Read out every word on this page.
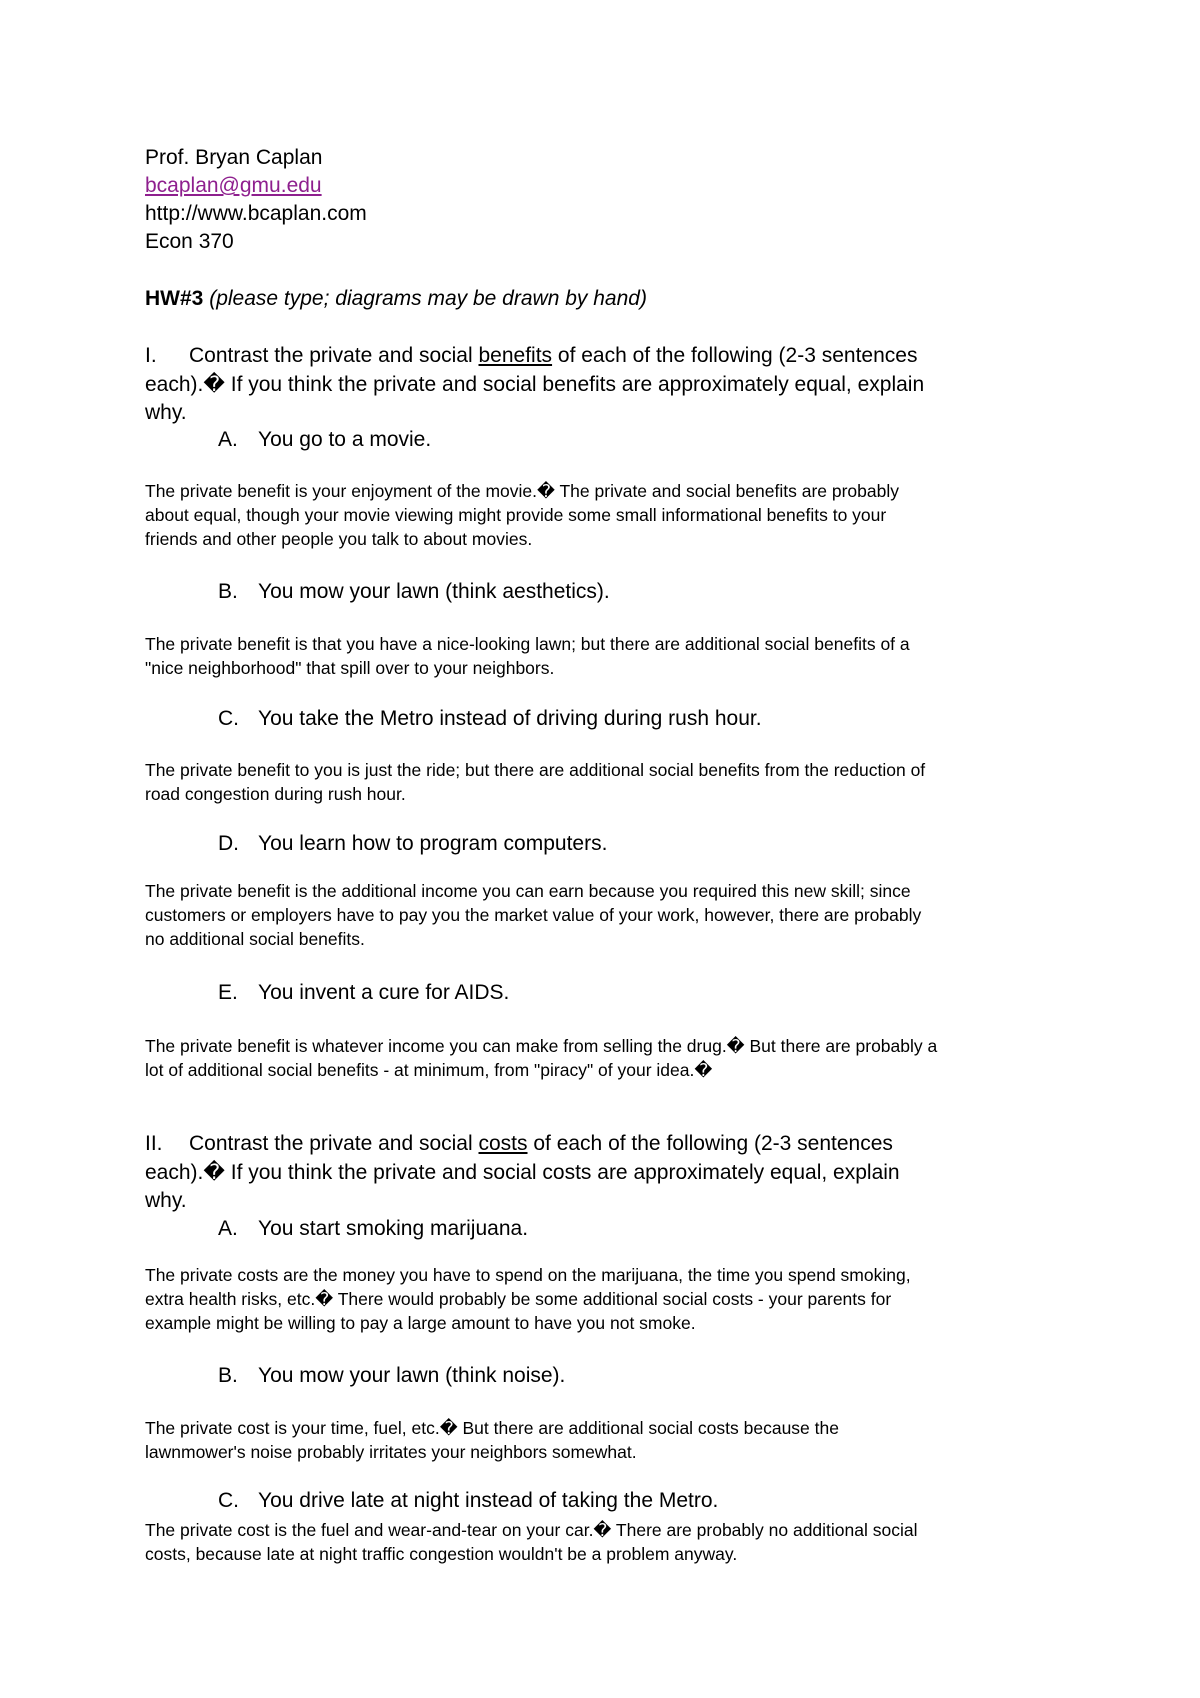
Prof. Bryan Caplan
bcaplan@gmu.edu
http://www.bcaplan.com
Econ 370
HW#3 (please type; diagrams may be drawn by hand)
I. Contrast the private and social benefits of each of the following (2-3 sentences
each).� If you think the private and social benefits are approximately equal, explain
why.
A. You go to a movie.
The private benefit is your enjoyment of the movie.� The private and social benefits are probably
about equal, though your movie viewing might provide some small informational benefits to your
friends and other people you talk to about movies.
B. You mow your lawn (think aesthetics).
The private benefit is that you have a nice-looking lawn; but there are additional social benefits of a
"nice neighborhood" that spill over to your neighbors.
C. You take the Metro instead of driving during rush hour.
The private benefit to you is just the ride; but there are additional social benefits from the reduction of
road congestion during rush hour.
D. You learn how to program computers.
The private benefit is the additional income you can earn because you required this new skill; since
customers or employers have to pay you the market value of your work, however, there are probably
no additional social benefits.
E. You invent a cure for AIDS.
The private benefit is whatever income you can make from selling the drug.� But there are probably a
lot of additional social benefits - at minimum, from "piracy" of your idea.�
II. Contrast the private and social costs of each of the following (2-3 sentences
each).� If you think the private and social costs are approximately equal, explain
why.
A. You start smoking marijuana.
The private costs are the money you have to spend on the marijuana, the time you spend smoking,
extra health risks, etc.� There would probably be some additional social costs - your parents for
example might be willing to pay a large amount to have you not smoke.
B. You mow your lawn (think noise).
The private cost is your time, fuel, etc.� But there are additional social costs because the
lawnmower's noise probably irritates your neighbors somewhat.
C. You drive late at night instead of taking the Metro.
The private cost is the fuel and wear-and-tear on your car.� There are probably no additional social
costs, because late at night traffic congestion wouldn't be a problem anyway.
